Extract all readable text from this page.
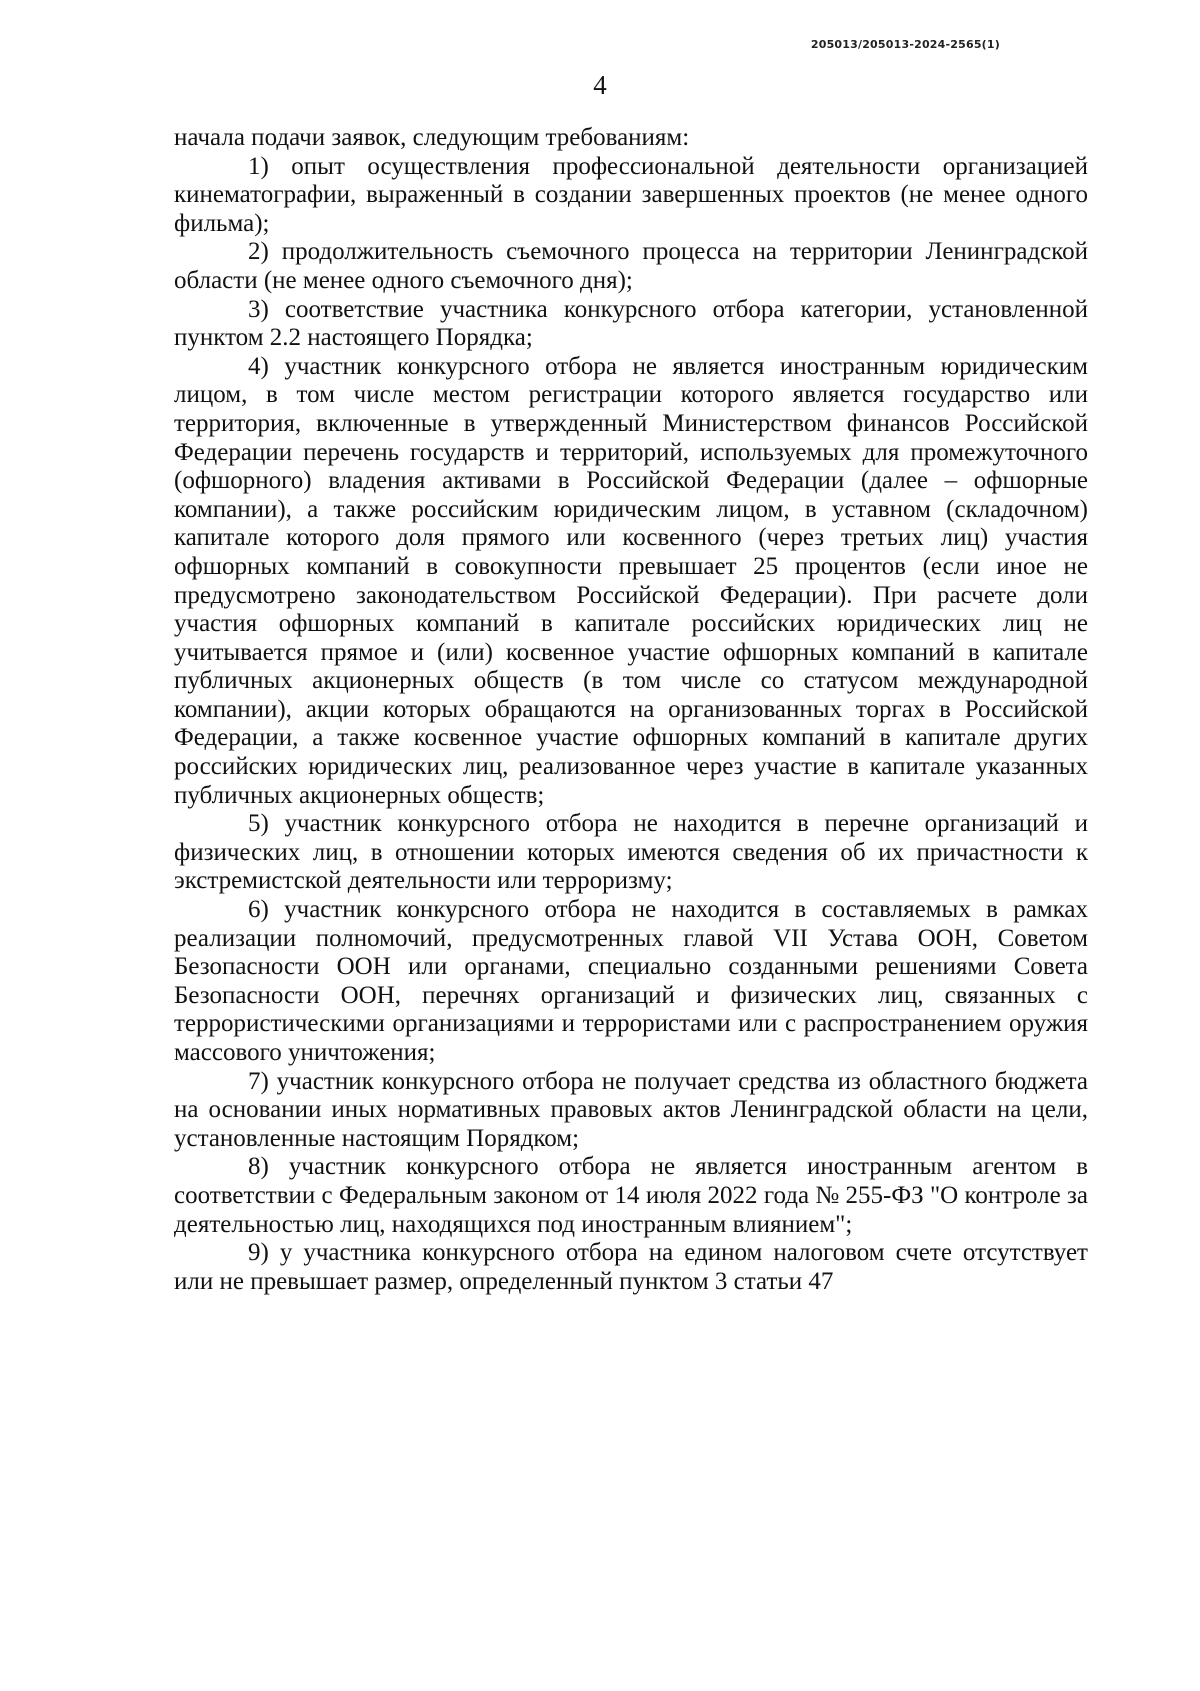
205013/205013-2024-2565(1)
4

начала подачи заявок, следующим требованиям:

1) опыт осуществления профессиональной деятельности организацией кинематографии, выраженный в создании завершенных проектов (не менее одного фильма);

2) продолжительность съемочного процесса на территории Ленинградской области (не менее одного съемочного дня);

3) соответствие участника конкурсного отбора категории, установленной пунктом 2.2 настоящего Порядка;

4) участник конкурсного отбора не является иностранным юридическим лицом, в том числе местом регистрации которого является государство или территория, включенные в утвержденный Министерством финансов Российской Федерации перечень государств и территорий, используемых для промежуточного (офшорного) владения активами в Российской Федерации (далее – офшорные компании), а также российским юридическим лицом, в уставном (складочном) капитале которого доля прямого или косвенного (через третьих лиц) участия офшорных компаний в совокупности превышает 25 процентов (если иное не предусмотрено законодательством Российской Федерации). При расчете доли участия офшорных компаний в капитале российских юридических лиц не учитывается прямое и (или) косвенное участие офшорных компаний в капитале публичных акционерных обществ (в том числе со статусом международной компании), акции которых обращаются на организованных торгах в Российской Федерации, а также косвенное участие офшорных компаний в капитале других российских юридических лиц, реализованное через участие в капитале указанных публичных акционерных обществ;

5) участник конкурсного отбора не находится в перечне организаций и физических лиц, в отношении которых имеются сведения об их причастности к экстремистской деятельности или терроризму;

6) участник конкурсного отбора не находится в составляемых в рамках реализации полномочий, предусмотренных главой VII Устава ООН, Советом Безопасности ООН или органами, специально созданными решениями Совета Безопасности ООН, перечнях организаций и физических лиц, связанных с террористическими организациями и террористами или с распространением оружия массового уничтожения;

7) участник конкурсного отбора не получает средства из областного бюджета на основании иных нормативных правовых актов Ленинградской области на цели, установленные настоящим Порядком;

8) участник конкурсного отбора не является иностранным агентом в соответствии с Федеральным законом от 14 июля 2022 года № 255-ФЗ "О контроле за деятельностью лиц, находящихся под иностранным влиянием";

9) у участника конкурсного отбора на едином налоговом счете отсутствует или не превышает размер, определенный пунктом 3 статьи 47
